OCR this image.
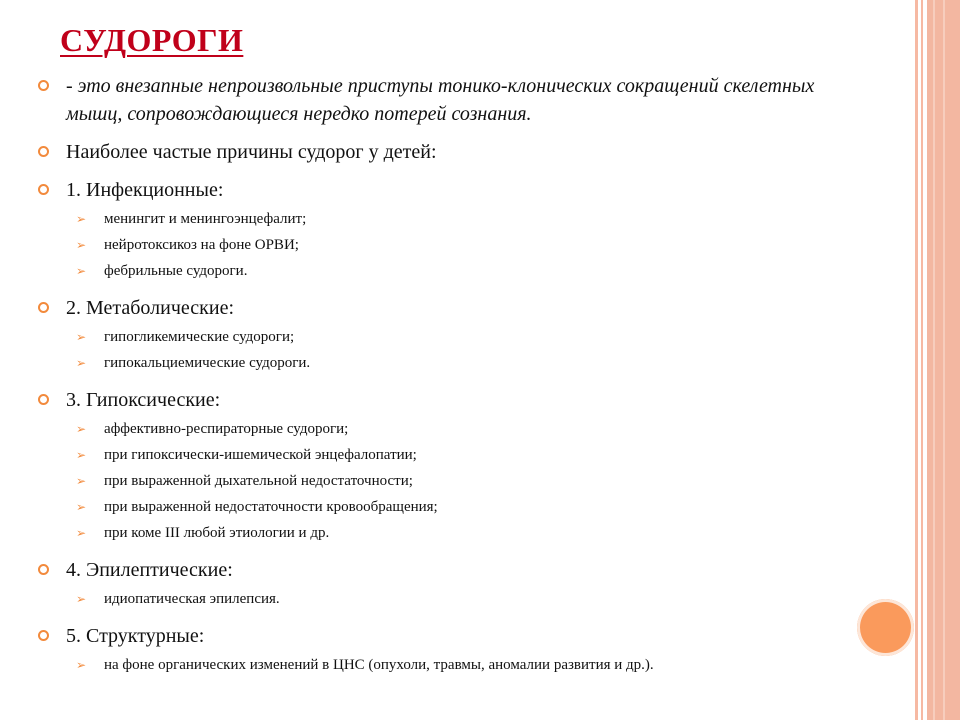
СУДОРОГИ
- это внезапные непроизвольные приступы тонико-клонических сокращений скелетных мышц, сопровождающиеся нередко потерей сознания.
Наиболее частые причины судорог у детей:
1. Инфекционные:
➢ менингит и менингоэнцефалит;
➢ нейротоксикоз на фоне ОРВИ;
➢ фебрильные судороги.
2. Метаболические:
➢ гипогликемические судороги;
➢ гипокальциемические судороги.
3. Гипоксические:
➢ аффективно-респираторные судороги;
➢ при гипоксически-ишемической энцефалопатии;
➢ при выраженной дыхательной недостаточности;
➢ при выраженной недостаточности кровообращения;
➢ при коме III любой этиологии и др.
4. Эпилептические:
➢ идиопатическая эпилепсия.
5. Структурные:
➢ на фоне органических изменений в ЦНС (опухоли, травмы, аномалии развития и др.).
